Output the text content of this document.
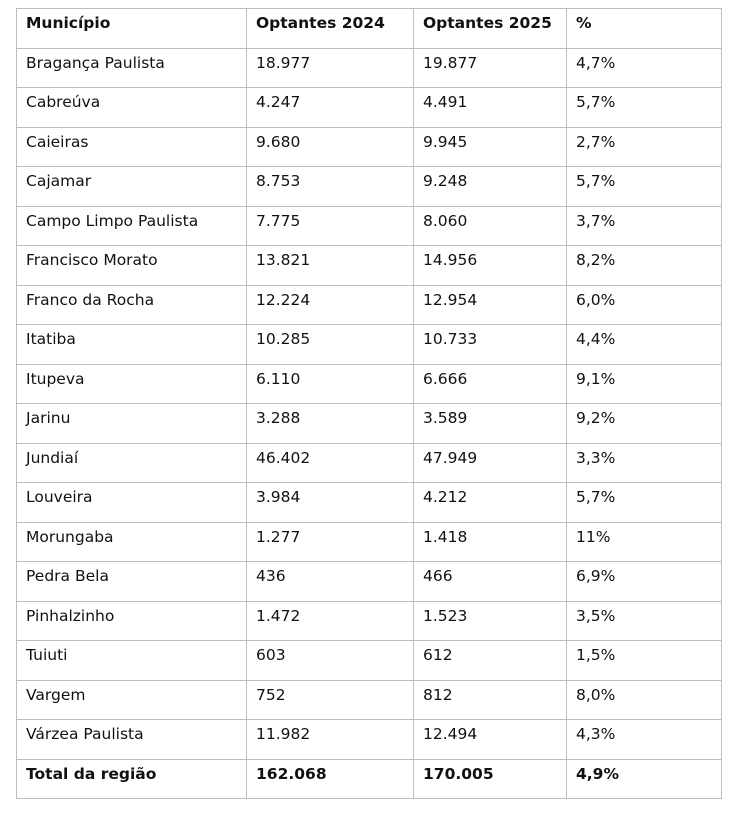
Município	Optantes 2024	Optantes 2025	%
Bragança Paulista	18.977	19.877	4,7%
Cabreúva	4.247	4.491	5,7%
Caieiras	9.680	9.945	2,7%
Cajamar	8.753	9.248	5,7%
Campo Limpo Paulista	7.775	8.060	3,7%
Francisco Morato	13.821	14.956	8,2%
Franco da Rocha	12.224	12.954	6,0%
Itatiba	10.285	10.733	4,4%
Itupeva	6.110	6.666	9,1%
Jarinu	3.288	3.589	9,2%
Jundiaí	46.402	47.949	3,3%
Louveira	3.984	4.212	5,7%
Morungaba	1.277	1.418	11%
Pedra Bela	436	466	6,9%
Pinhalzinho	1.472	1.523	3,5%
Tuiuti	603	612	1,5%
Vargem	752	812	8,0%
Várzea Paulista	11.982	12.494	4,3%
Total da região	162.068	170.005	4,9%
